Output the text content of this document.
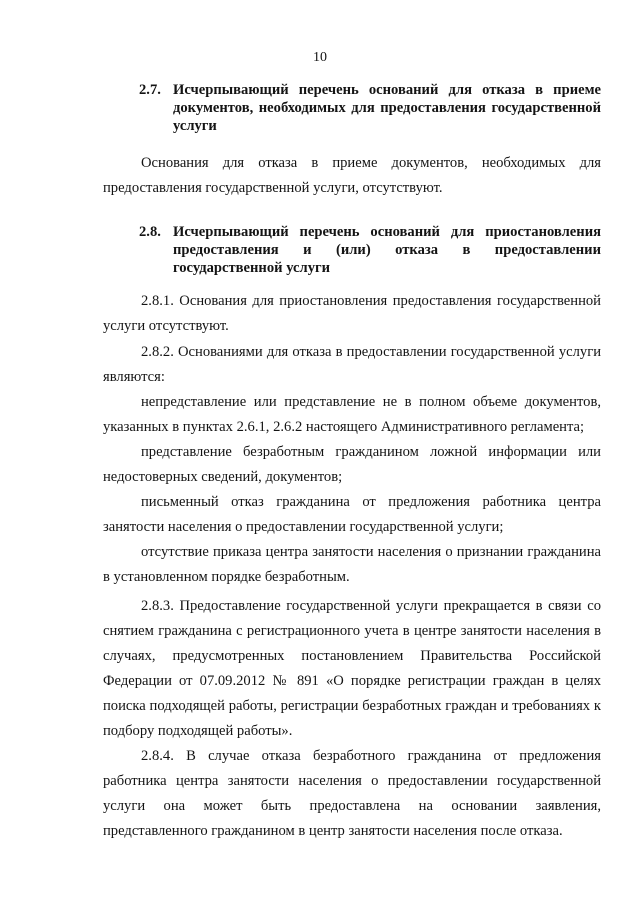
10
2.7. Исчерпывающий перечень оснований для отказа в приеме документов, необходимых для предоставления государственной услуги

Основания для отказа в приеме документов, необходимых для предоставления государственной услуги, отсутствуют.

2.8. Исчерпывающий перечень оснований для приостановления предоставления и (или) отказа в предоставлении государственной услуги

2.8.1. Основания для приостановления предоставления государственной услуги отсутствуют.

2.8.2. Основаниями для отказа в предоставлении государственной услуги являются:

непредставление или представление не в полном объеме документов, указанных в пунктах 2.6.1, 2.6.2 настоящего Административного регламента;

представление безработным гражданином ложной информации или недостоверных сведений, документов;

письменный отказ гражданина от предложения работника центра занятости населения о предоставлении государственной услуги;

отсутствие приказа центра занятости населения о признании гражданина в установленном порядке безработным.

2.8.3. Предоставление государственной услуги прекращается в связи со снятием гражданина с регистрационного учета в центре занятости населения в случаях, предусмотренных постановлением Правительства Российской Федерации от 07.09.2012 № 891 «О порядке регистрации граждан в целях поиска подходящей работы, регистрации безработных граждан и требованиях к подбору подходящей работы».

2.8.4. В случае отказа безработного гражданина от предложения работника центра занятости населения о предоставлении государственной услуги она может быть предоставлена на основании заявления, представленного гражданином в центр занятости населения после отказа.
